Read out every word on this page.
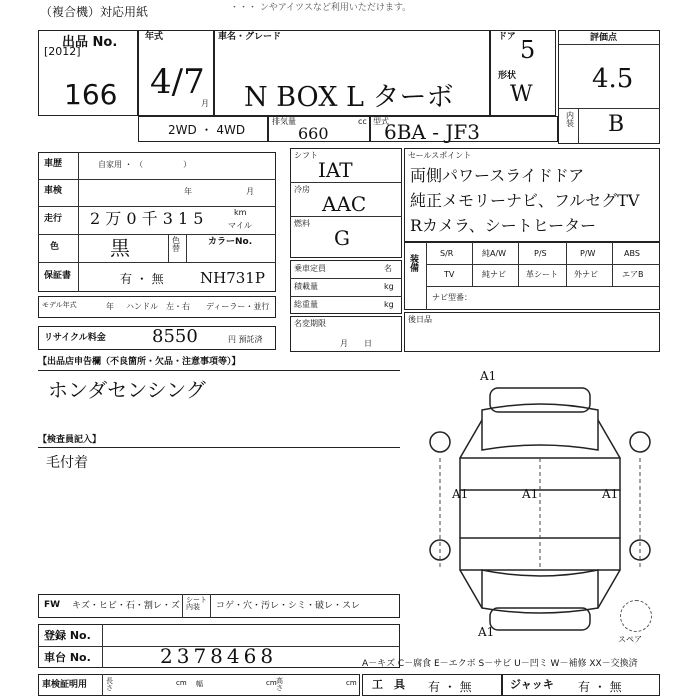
・・・ ンやアイツスなど利用いただけます。
（複合機）対応用紙
出品 No.
[2012]
166
年式
4/7
月
車名・グレード
N BOX L ターボ
ドア 5
形状
W
評価点
4.5
内装 B
2WD ・ 4WD
排気量
660
cc 型式
6BA - JF3
車歴	自家用 ・ （　　　　　）
車検	年	月
走行 2 万 0 千 3 1 5	km
マイル
色	黒	色替
カラーNo.
保証書	有 ・ 無 NH731P
モデル年式	年 ハンドル　左・右 ディーラー・並行
リサイクル料金	8550	円 預託済
シフト
IAT
冷房
AAC
燃料
G
乗車定員	名
積載量	kg
総重量	kg
名変期限
月　　日
セールスポイント
両側パワースライドドア
純正メモリーナビ、フルセグTV
Rカメラ、シートヒーター
装備
S/R	純A/W	P/S	P/W	ABS
TV	純ナビ	革シート 外ナビ	エアB
ナビ型番：
後日品
【出品店申告欄（不良箇所・欠品・注意事項等）】
ホンダセンシング
【検査員記入】
毛付着
A1
A1	A1	A1
A1
スペア
FW キズ・ヒビ・石・割レ・ズ
シート内装	コゲ・穴・汚レ・シミ・破レ・スレ
登録 No.
車台 No.	2378468	A－キズ C－腐食 E－エクボ S－サビ U－凹ミ W－補修 XX－交換済
車検証明用	長さ
cm 幅	cm 高さ
cm 工　具 有 ・ 無	ジャッキ 有 ・ 無
